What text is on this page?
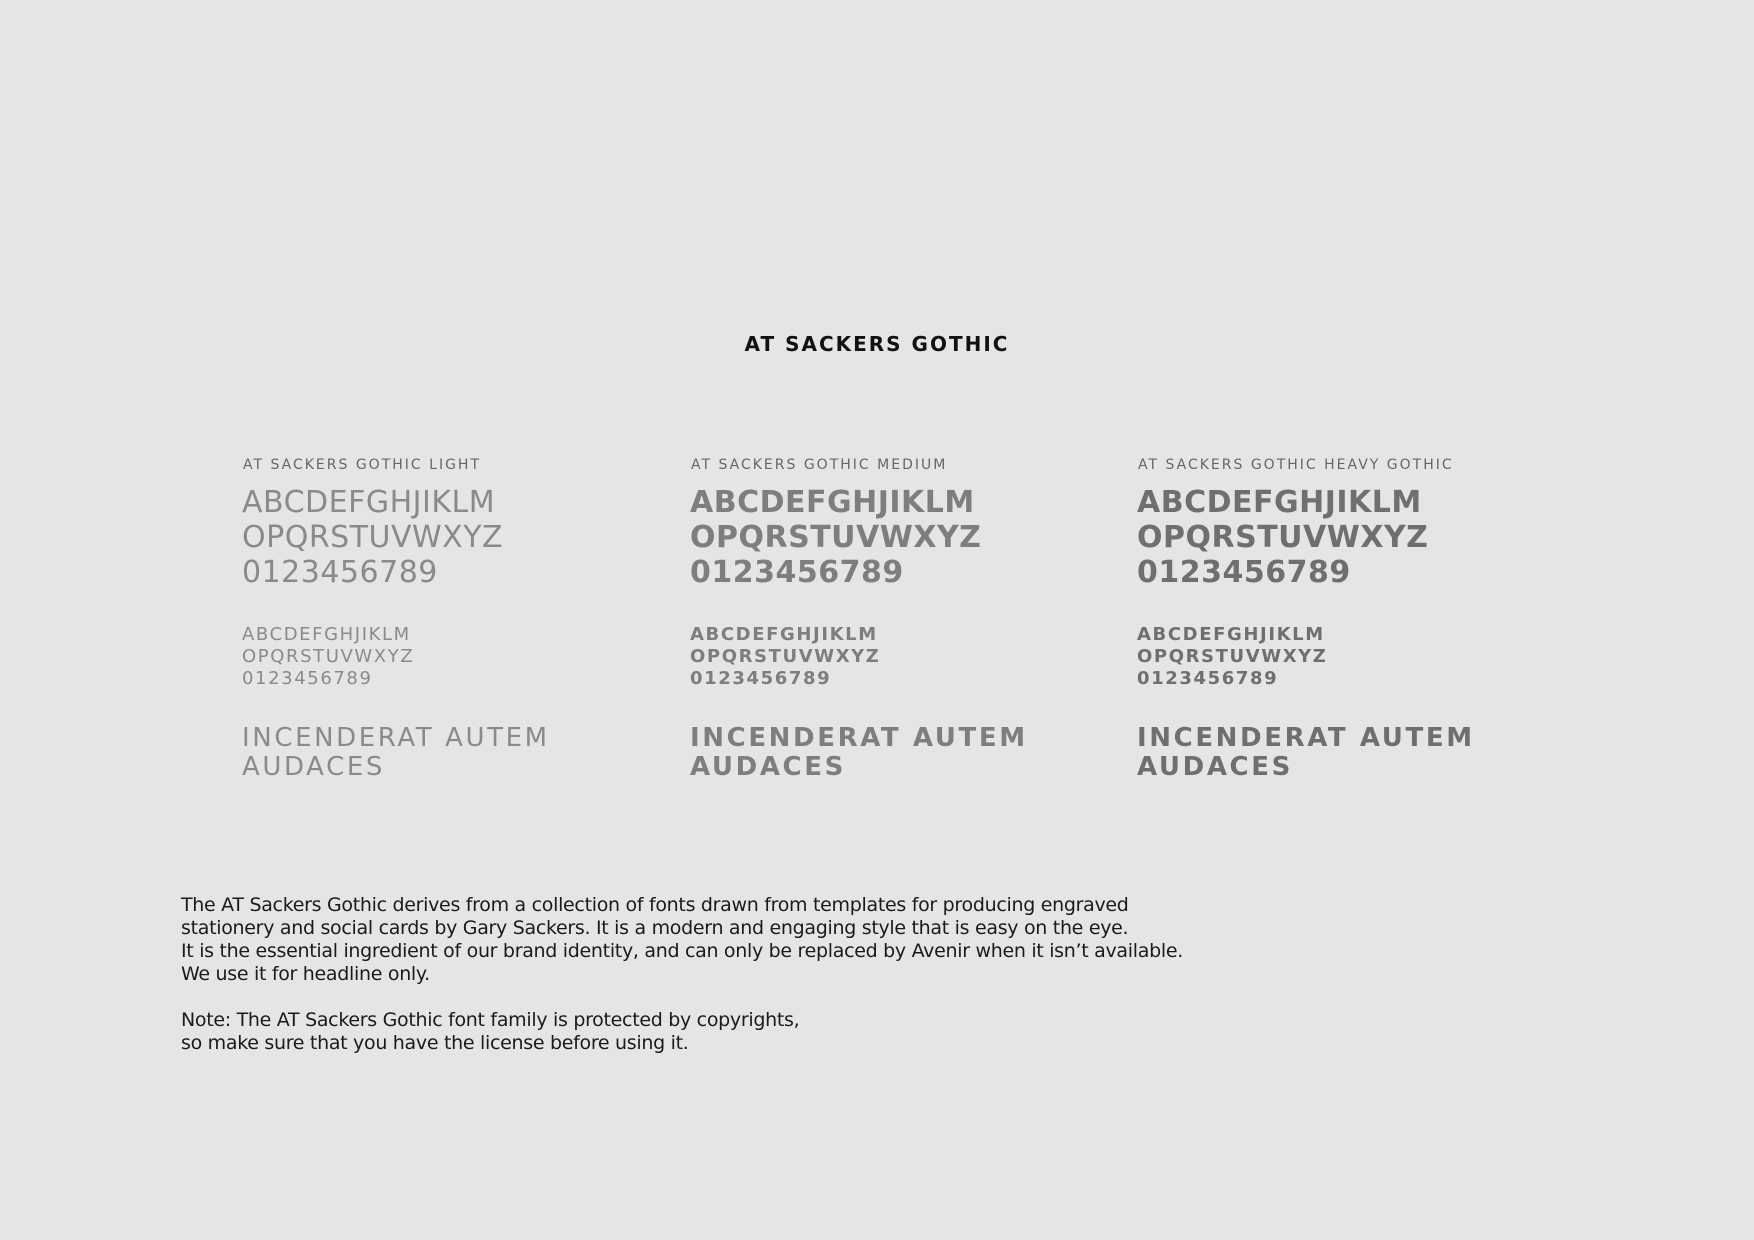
AT SACKERS GOTHIC
AT SACKERS GOTHIC LIGHT
ABCDEFGHJIKLM
OPQRSTUVWXYZ
0123456789
ABCDEFGHJIKLM
OPQRSTUVWXYZ
0123456789
INCENDERAT AUTEM
AUDACES
AT SACKERS GOTHIC MEDIUM
ABCDEFGHJIKLM
OPQRSTUVWXYZ
0123456789
ABCDEFGHJIKLM
OPQRSTUVWXYZ
0123456789
INCENDERAT AUTEM
AUDACES
AT SACKERS GOTHIC HEAVY GOTHIC
ABCDEFGHJIKLM
OPQRSTUVWXYZ
0123456789
ABCDEFGHJIKLM
OPQRSTUVWXYZ
0123456789
INCENDERAT AUTEM
AUDACES

The AT Sackers Gothic derives from a collection of fonts drawn from templates for producing engraved

stationery and social cards by Gary Sackers. It is a modern and engaging style that is easy on the eye.

It is the essential ingredient of our brand identity, and can only be replaced by Avenir when it isn’t available.

We use it for headline only.

Note: The AT Sackers Gothic font family is protected by copyrights,

so make sure that you have the license before using it.
